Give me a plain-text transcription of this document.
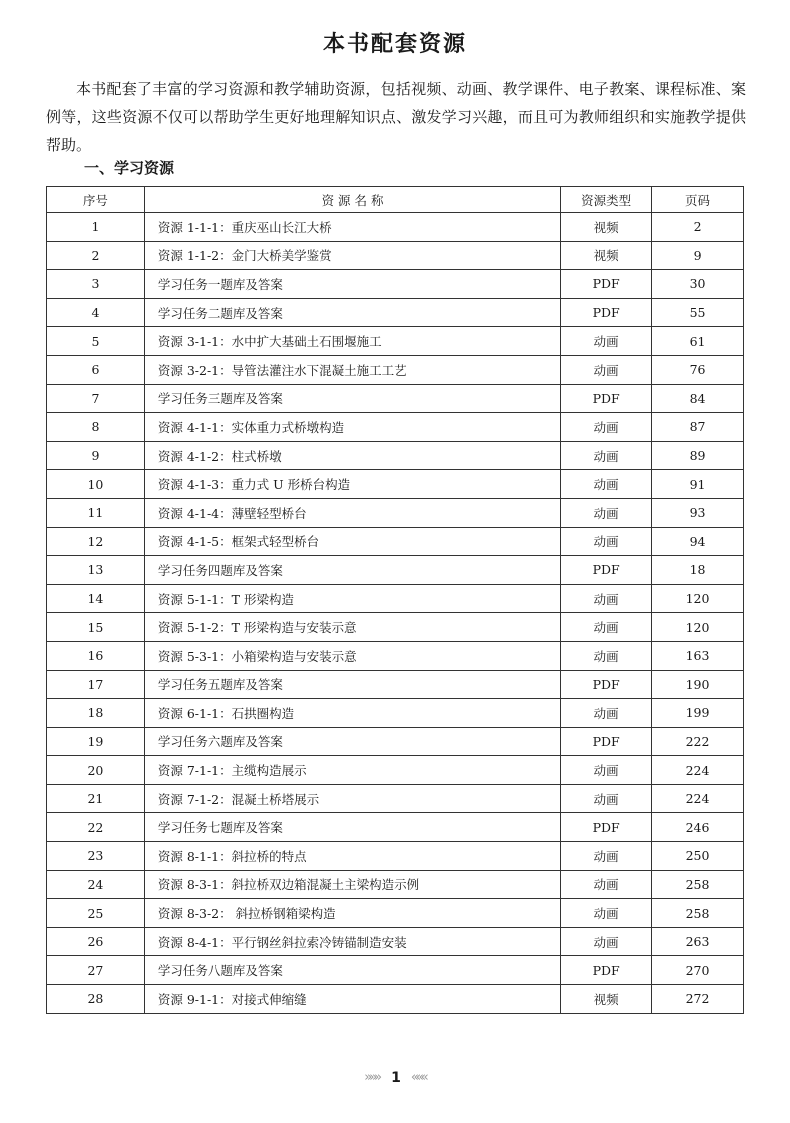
本书配套资源

本书配套了丰富的学习资源和教学辅助资源，包括视频、动画、教学课件、电子教案、课程标准、案例等，这些资源不仅可以帮助学生更好地理解知识点、激发学习兴趣，而且可为教师组织和实施教学提供帮助。

一、学习资源
序号	资 源 名 称	资源类型	页码
1	资源 1-1-1：重庆巫山长江大桥	视频	2
2	资源 1-1-2：金门大桥美学鉴赏	视频	9
3	学习任务一题库及答案	PDF	30
4	学习任务二题库及答案	PDF	55
5	资源 3-1-1：水中扩大基础土石围堰施工	动画	61
6	资源 3-2-1：导管法灌注水下混凝土施工工艺	动画	76
7	学习任务三题库及答案	PDF	84
8	资源 4-1-1：实体重力式桥墩构造	动画	87
9	资源 4-1-2：柱式桥墩	动画	89
10	资源 4-1-3：重力式 U 形桥台构造	动画	91
11	资源 4-1-4：薄壁轻型桥台	动画	93
12	资源 4-1-5：框架式轻型桥台	动画	94
13	学习任务四题库及答案	PDF	18
14	资源 5-1-1：T 形梁构造	动画	120
15	资源 5-1-2：T 形梁构造与安装示意	动画	120
16	资源 5-3-1：小箱梁构造与安装示意	动画	163
17	学习任务五题库及答案	PDF	190
18	资源 6-1-1：石拱圈构造	动画	199
19	学习任务六题库及答案	PDF	222
20	资源 7-1-1：主缆构造展示	动画	224
21	资源 7-1-2：混凝土桥塔展示	动画	224
22	学习任务七题库及答案	PDF	246
23	资源 8-1-1：斜拉桥的特点	动画	250
24	资源 8-3-1：斜拉桥双边箱混凝土主梁构造示例	动画	258
25	资源 8-3-2： 斜拉桥钢箱梁构造	动画	258
26	资源 8-4-1：平行钢丝斜拉索冷铸锚制造安装	动画	263
27	学习任务八题库及答案	PDF	270
28	资源 9-1-1：对接式伸缩缝	视频	272
»»» 1 «««
